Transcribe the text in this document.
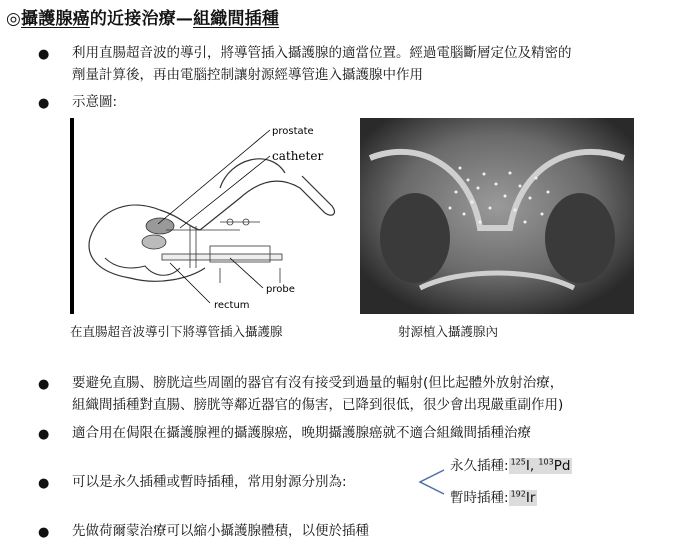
◎攝護腺癌的近接治療—組織間插種
● 利用直腸超音波的導引，將導管插入攝護腺的適當位置。經過電腦斷層定位及精密的
劑量計算後，再由電腦控制讓射源經導管進入攝護腺中作用
● 示意圖:
prostate
catheter
probe
rectum
在直腸超音波導引下將導管插入攝護腺	射源植入攝護腺內
● 要避免直腸、膀胱這些周圍的器官有沒有接受到過量的輻射(但比起體外放射治療，
組織間插種對直腸、膀胱等鄰近器官的傷害，已降到很低，很少會出現嚴重副作用)
● 適合用在侷限在攝護腺裡的攝護腺癌，晚期攝護腺癌就不適合組織間插種治療
● 可以是永久插種或暫時插種，常用射源分別為:
永久插種: $^{125}$I, $^{103}$Pd
暫時插種: $^{192}$Ir
● 先做荷爾蒙治療可以縮小攝護腺體積，以便於插種
